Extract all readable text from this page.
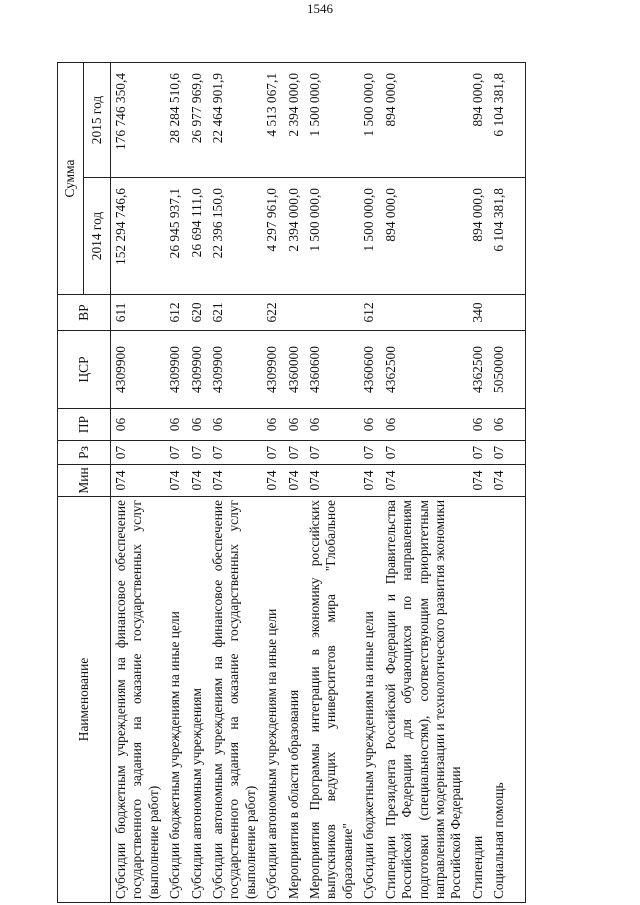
1546
Наименование	Мин	Рз	ПР	ЦСР	ВР	Сумма	
						2014 год	2015 год
Субсидии бюджетным учреждениям на финансовое обеспечение государственного задания на оказание государственных услуг (выполнение работ)	074	07	06	4309900	611	152 294 746,6	176 746 350,4
Субсидии бюджетным учреждениям на иные цели	074	07	06	4309900	612	26 945 937,1	28 284 510,6
Субсидии автономным учреждениям	074	07	06	4309900	620	26 694 111,0	26 977 969,0
Субсидии автономным учреждениям на финансовое обеспечение государственного задания на оказание государственных услуг (выполнение работ)	074	07	06	4309900	621	22 396 150,0	22 464 901,9
Субсидии автономным учреждениям на иные цели	074	07	06	4309900	622	4 297 961,0	4 513 067,1
Мероприятия в области образования	074	07	06	4360000		2 394 000,0	2 394 000,0
Мероприятия Программы интеграции в экономику российских выпускников ведущих университетов мира "Глобальное образование"	074	07	06	4360600		1 500 000,0	1 500 000,0
Субсидии бюджетным учреждениям на иные цели	074	07	06	4360600	612	1 500 000,0	1 500 000,0
Стипендии Президента Российской Федерации и Правительства Российской Федерации для обучающихся по направлениям подготовки (специальностям), соответствующим приоритетным направлениям модернизации и технологического развития экономики Российской Федерации	074	07	06	4362500		894 000,0	894 000,0
Стипендии	074	07	06	4362500	340	894 000,0	894 000,0
Социальная помощь	074	07	06	5050000		6 104 381,8	6 104 381,8
